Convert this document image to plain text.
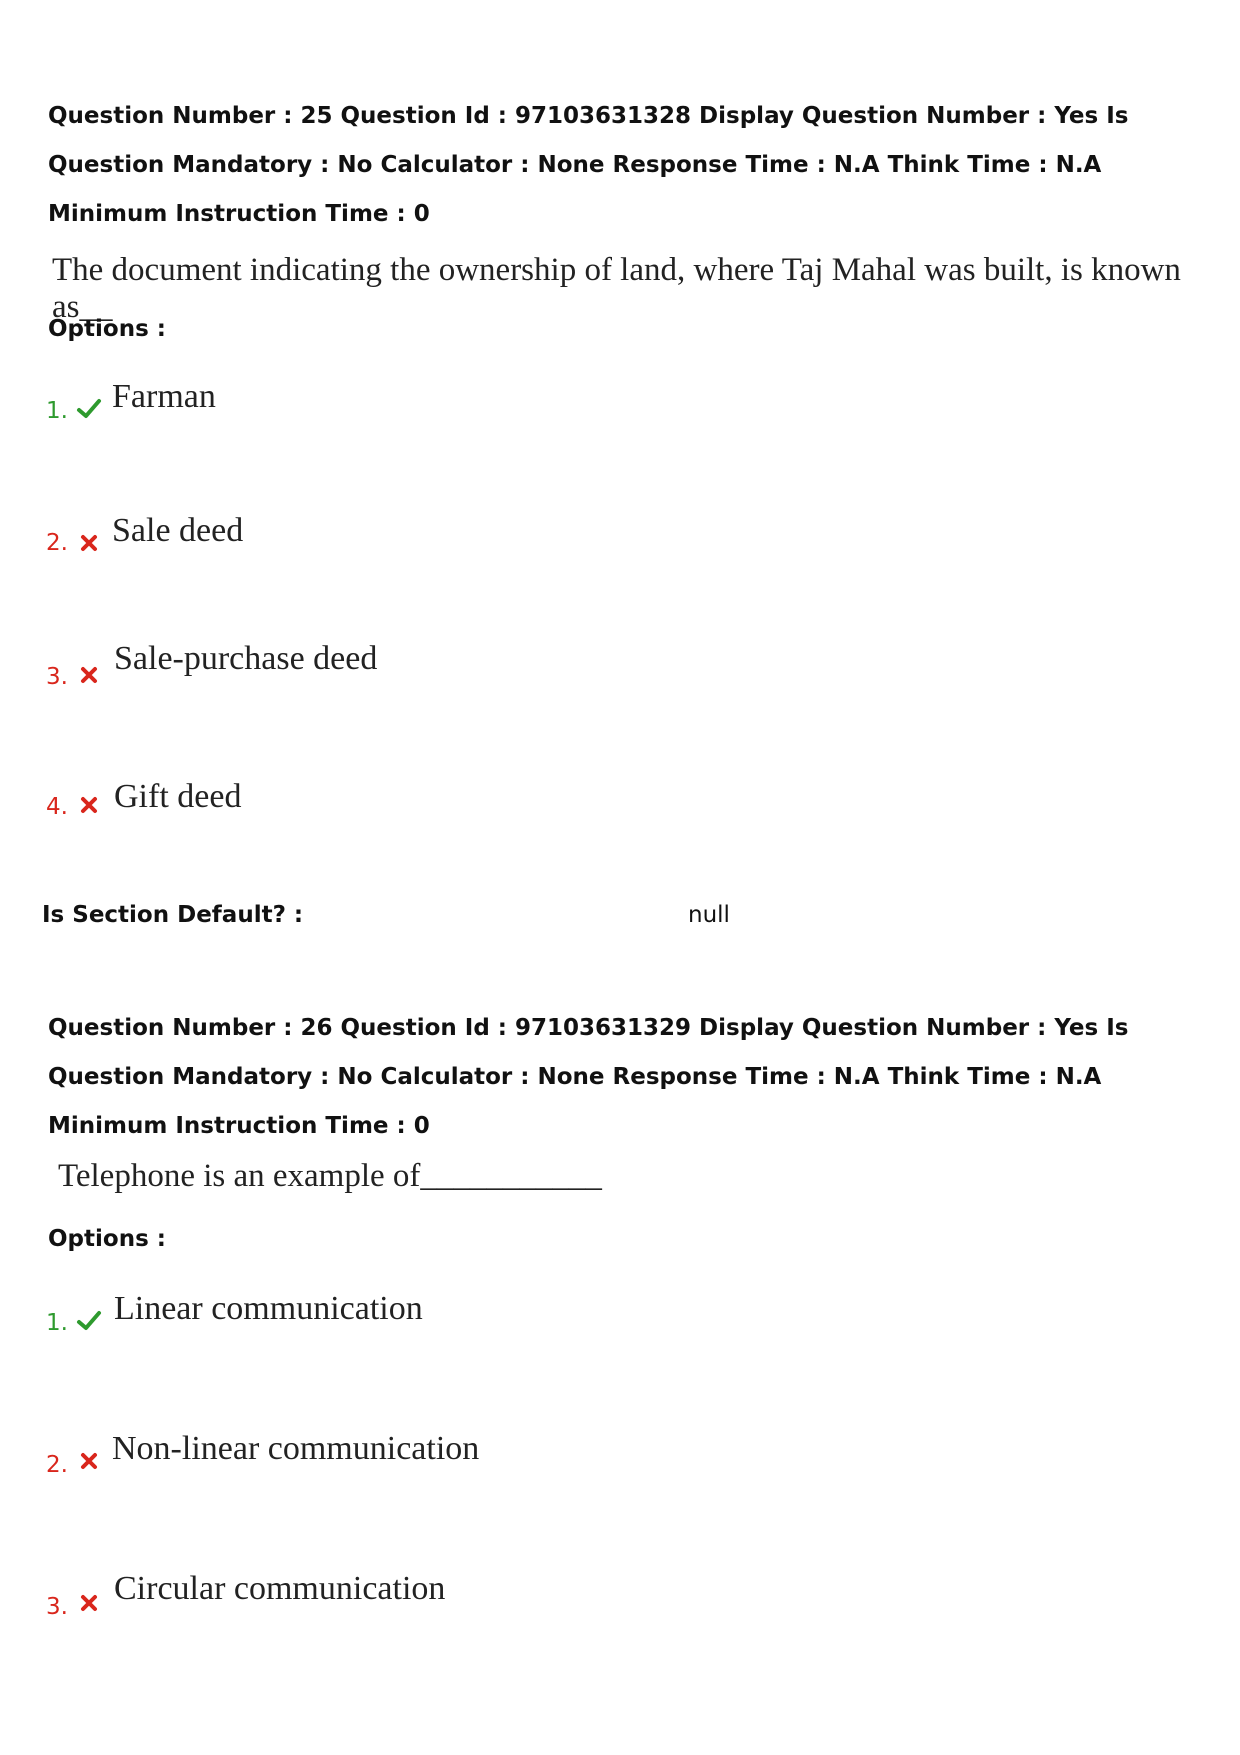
Question Number : 25 Question Id : 97103631328 Display Question Number : Yes Is Question Mandatory : No Calculator : None Response Time : N.A Think Time : N.A Minimum Instruction Time : 0

The document indicating the ownership of land, where Taj Mahal was built, is known as__
Options :
1. Farman
2. Sale deed
3. Sale-purchase deed
4. Gift deed
Is Section Default? :	null

Question Number : 26 Question Id : 97103631329 Display Question Number : Yes Is Question Mandatory : No Calculator : None Response Time : N.A Think Time : N.A Minimum Instruction Time : 0

Telephone is an example of___________
Options :
1. Linear communication
2. Non-linear communication
3. Circular communication
